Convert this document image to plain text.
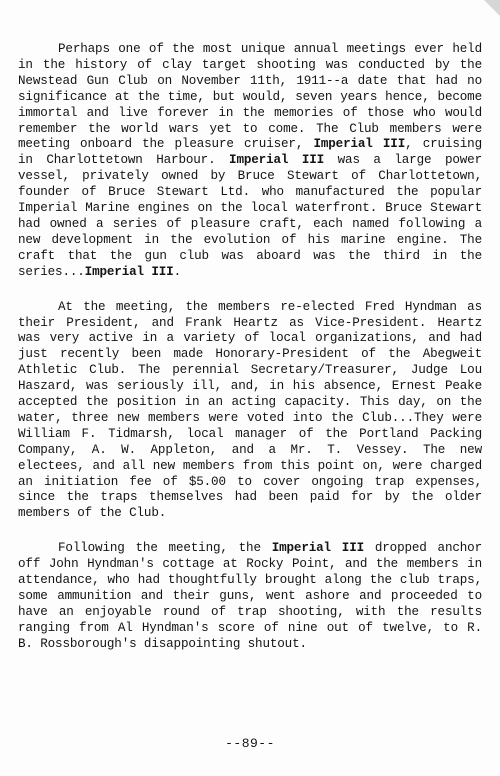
Perhaps one of the most unique annual meetings ever held in the history of clay target shooting was conducted by the Newstead Gun Club on November 11th, 1911--a date that had no significance at the time, but would, seven years hence, become immortal and live forever in the memories of those who would remember the world wars yet to come. The Club members were meeting onboard the pleasure cruiser, Imperial III, cruising in Charlottetown Harbour. Imperial III was a large power vessel, privately owned by Bruce Stewart of Charlottetown, founder of Bruce Stewart Ltd. who manufactured the popular Imperial Marine engines on the local waterfront. Bruce Stewart had owned a series of pleasure craft, each named following a new development in the evolution of his marine engine. The craft that the gun club was aboard was the third in the series...Imperial III.

At the meeting, the members re-elected Fred Hyndman as their President, and Frank Heartz as Vice-President. Heartz was very active in a variety of local organizations, and had just recently been made Honorary-President of the Abegweit Athletic Club. The perennial Secretary/Treasurer, Judge Lou Haszard, was seriously ill, and, in his absence, Ernest Peake accepted the position in an acting capacity. This day, on the water, three new members were voted into the Club...They were William F. Tidmarsh, local manager of the Portland Packing Company, A. W. Appleton, and a Mr. T. Vessey. The new electees, and all new members from this point on, were charged an initiation fee of $5.00 to cover ongoing trap expenses, since the traps themselves had been paid for by the older members of the Club.

Following the meeting, the Imperial III dropped anchor off John Hyndman's cottage at Rocky Point, and the members in attendance, who had thoughtfully brought along the club traps, some ammunition and their guns, went ashore and proceeded to have an enjoyable round of trap shooting, with the results ranging from Al Hyndman's score of nine out of twelve, to R. B. Rossborough's disappointing shutout.

--89--
